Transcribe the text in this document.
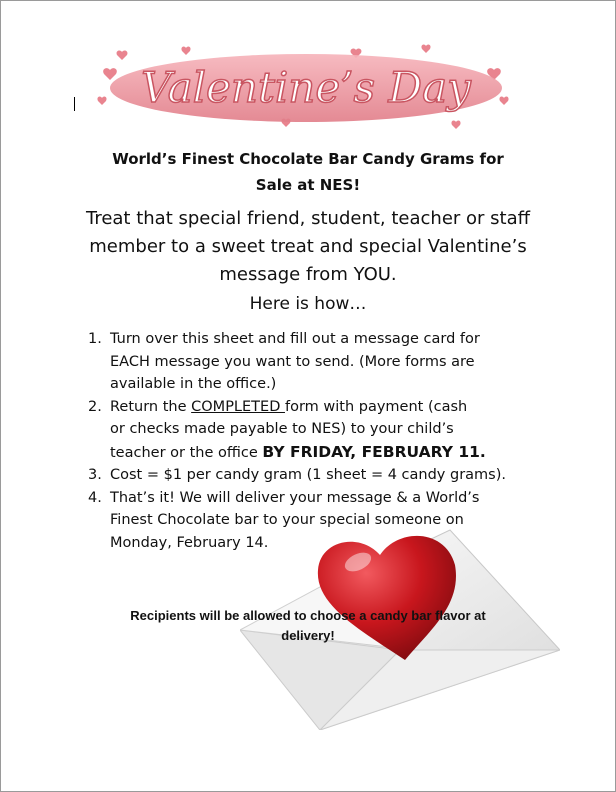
Valentine’s Day
World’s Finest Chocolate Bar Candy Grams for
Sale at NES!
Treat that special friend, student, teacher or staff
member to a sweet treat and special Valentine’s
message from YOU.
Here is how…
1. Turn over this sheet and fill out a message card for
EACH message you want to send. (More forms are
available in the office.)
2. Return the COMPLETED form with payment (cash
or checks made payable to NES) to your child’s
teacher or the office BY FRIDAY, FEBRUARY 11.
3. Cost = $1 per candy gram (1 sheet = 4 candy grams).
4. That’s it! We will deliver your message & a World’s
Finest Chocolate bar to your special someone on
Monday, February 14.
Recipients will be allowed to choose a candy bar flavor at
delivery!
